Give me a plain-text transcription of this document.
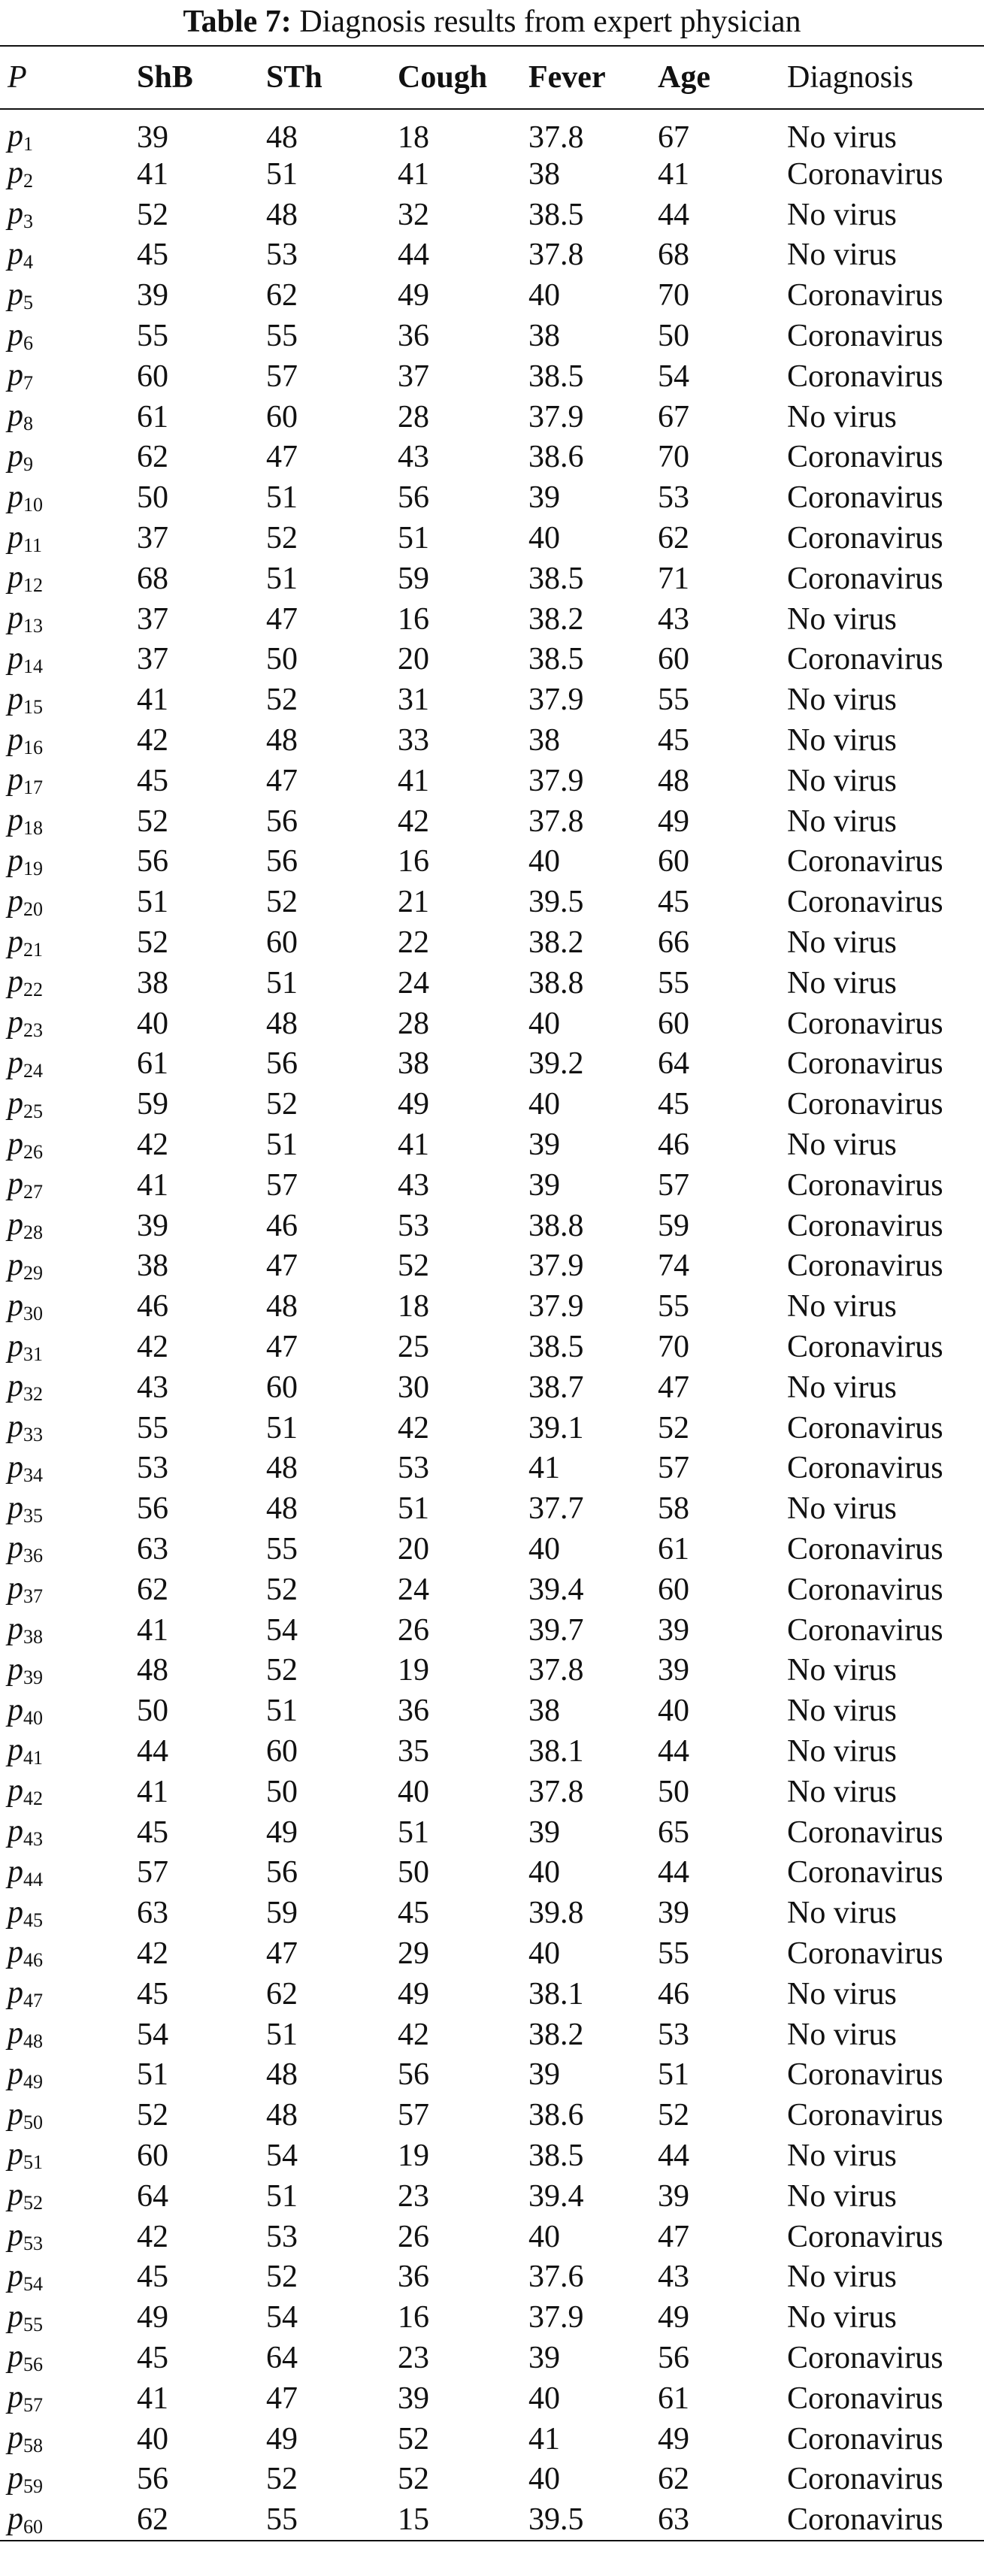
Table 7: Diagnosis results from expert physician
P	ShB	STh	Cough	Fever	Age	Diagnosis
$p_1$	39	48	18	37.8	67	No virus
$p_2$	41	51	41	38	41	Coronavirus
$p_3$	52	48	32	38.5	44	No virus
$p_4$	45	53	44	37.8	68	No virus
$p_5$	39	62	49	40	70	Coronavirus
$p_6$	55	55	36	38	50	Coronavirus
$p_7$	60	57	37	38.5	54	Coronavirus
$p_8$	61	60	28	37.9	67	No virus
$p_9$	62	47	43	38.6	70	Coronavirus
$p_{10}$	50	51	56	39	53	Coronavirus
$p_{11}$	37	52	51	40	62	Coronavirus
$p_{12}$	68	51	59	38.5	71	Coronavirus
$p_{13}$	37	47	16	38.2	43	No virus
$p_{14}$	37	50	20	38.5	60	Coronavirus
$p_{15}$	41	52	31	37.9	55	No virus
$p_{16}$	42	48	33	38	45	No virus
$p_{17}$	45	47	41	37.9	48	No virus
$p_{18}$	52	56	42	37.8	49	No virus
$p_{19}$	56	56	16	40	60	Coronavirus
$p_{20}$	51	52	21	39.5	45	Coronavirus
$p_{21}$	52	60	22	38.2	66	No virus
$p_{22}$	38	51	24	38.8	55	No virus
$p_{23}$	40	48	28	40	60	Coronavirus
$p_{24}$	61	56	38	39.2	64	Coronavirus
$p_{25}$	59	52	49	40	45	Coronavirus
$p_{26}$	42	51	41	39	46	No virus
$p_{27}$	41	57	43	39	57	Coronavirus
$p_{28}$	39	46	53	38.8	59	Coronavirus
$p_{29}$	38	47	52	37.9	74	Coronavirus
$p_{30}$	46	48	18	37.9	55	No virus
$p_{31}$	42	47	25	38.5	70	Coronavirus
$p_{32}$	43	60	30	38.7	47	No virus
$p_{33}$	55	51	42	39.1	52	Coronavirus
$p_{34}$	53	48	53	41	57	Coronavirus
$p_{35}$	56	48	51	37.7	58	No virus
$p_{36}$	63	55	20	40	61	Coronavirus
$p_{37}$	62	52	24	39.4	60	Coronavirus
$p_{38}$	41	54	26	39.7	39	Coronavirus
$p_{39}$	48	52	19	37.8	39	No virus
$p_{40}$	50	51	36	38	40	No virus
$p_{41}$	44	60	35	38.1	44	No virus
$p_{42}$	41	50	40	37.8	50	No virus
$p_{43}$	45	49	51	39	65	Coronavirus
$p_{44}$	57	56	50	40	44	Coronavirus
$p_{45}$	63	59	45	39.8	39	No virus
$p_{46}$	42	47	29	40	55	Coronavirus
$p_{47}$	45	62	49	38.1	46	No virus
$p_{48}$	54	51	42	38.2	53	No virus
$p_{49}$	51	48	56	39	51	Coronavirus
$p_{50}$	52	48	57	38.6	52	Coronavirus
$p_{51}$	60	54	19	38.5	44	No virus
$p_{52}$	64	51	23	39.4	39	No virus
$p_{53}$	42	53	26	40	47	Coronavirus
$p_{54}$	45	52	36	37.6	43	No virus
$p_{55}$	49	54	16	37.9	49	No virus
$p_{56}$	45	64	23	39	56	Coronavirus
$p_{57}$	41	47	39	40	61	Coronavirus
$p_{58}$	40	49	52	41	49	Coronavirus
$p_{59}$	56	52	52	40	62	Coronavirus
$p_{60}$	62	55	15	39.5	63	Coronavirus
